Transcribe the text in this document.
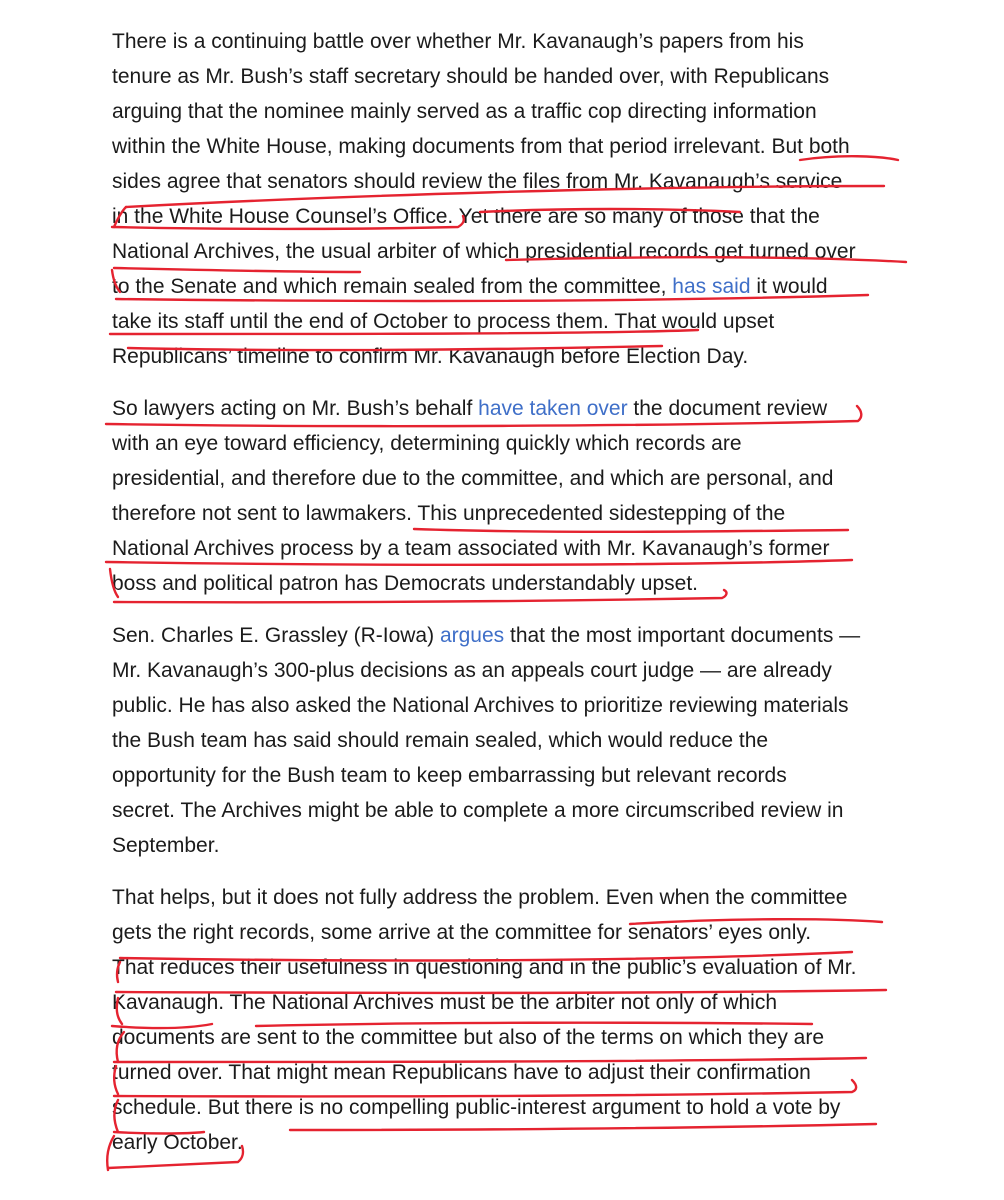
There is a continuing battle over whether Mr. Kavanaugh’s papers from his
tenure as Mr. Bush’s staff secretary should be handed over, with Republicans
arguing that the nominee mainly served as a traffic cop directing information
within the White House, making documents from that period irrelevant. But both
sides agree that senators should review the files from Mr. Kavanaugh’s service
in the White House Counsel’s Office. Yet there are so many of those that the
National Archives, the usual arbiter of which presidential records get turned over
to the Senate and which remain sealed from the committee, has said it would
take its staff until the end of October to process them. That would upset
Republicans’ timeline to confirm Mr. Kavanaugh before Election Day.

So lawyers acting on Mr. Bush’s behalf have taken over the document review
with an eye toward efficiency, determining quickly which records are
presidential, and therefore due to the committee, and which are personal, and
therefore not sent to lawmakers. This unprecedented sidestepping of the
National Archives process by a team associated with Mr. Kavanaugh’s former
boss and political patron has Democrats understandably upset.

Sen. Charles E. Grassley (R-Iowa) argues that the most important documents —
Mr. Kavanaugh’s 300-plus decisions as an appeals court judge — are already
public. He has also asked the National Archives to prioritize reviewing materials
the Bush team has said should remain sealed, which would reduce the
opportunity for the Bush team to keep embarrassing but relevant records
secret. The Archives might be able to complete a more circumscribed review in
September.

That helps, but it does not fully address the problem. Even when the committee
gets the right records, some arrive at the committee for senators’ eyes only.
That reduces their usefulness in questioning and in the public’s evaluation of Mr.
Kavanaugh. The National Archives must be the arbiter not only of which
documents are sent to the committee but also of the terms on which they are
turned over. That might mean Republicans have to adjust their confirmation
schedule. But there is no compelling public-interest argument to hold a vote by
early October.
